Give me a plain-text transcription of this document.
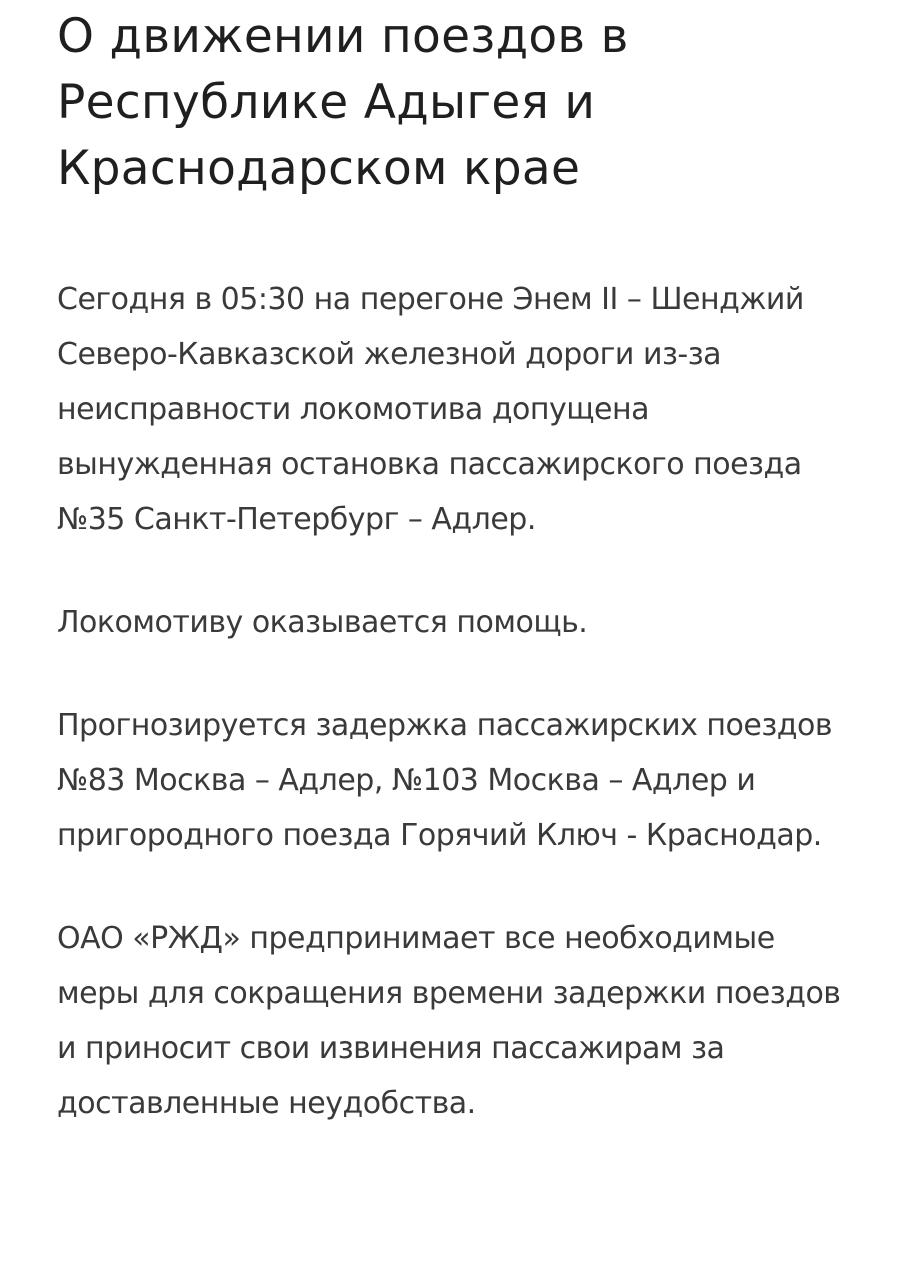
О движении поездов в Республике Адыгея и Краснодарском крае

Сегодня в 05:30 на перегоне Энем II – Шенджий Северо-Кавказской железной дороги из-за неисправности локомотива допущена вынужденная остановка пассажирского поезда №35 Санкт-Петербург – Адлер.

Локомотиву оказывается помощь.

Прогнозируется задержка пассажирских поездов №83 Москва – Адлер, №103 Москва – Адлер и пригородного поезда Горячий Ключ - Краснодар.

ОАО «РЖД» предпринимает все необходимые меры для сокращения времени задержки поездов и приносит свои извинения пассажирам за доставленные неудобства.
